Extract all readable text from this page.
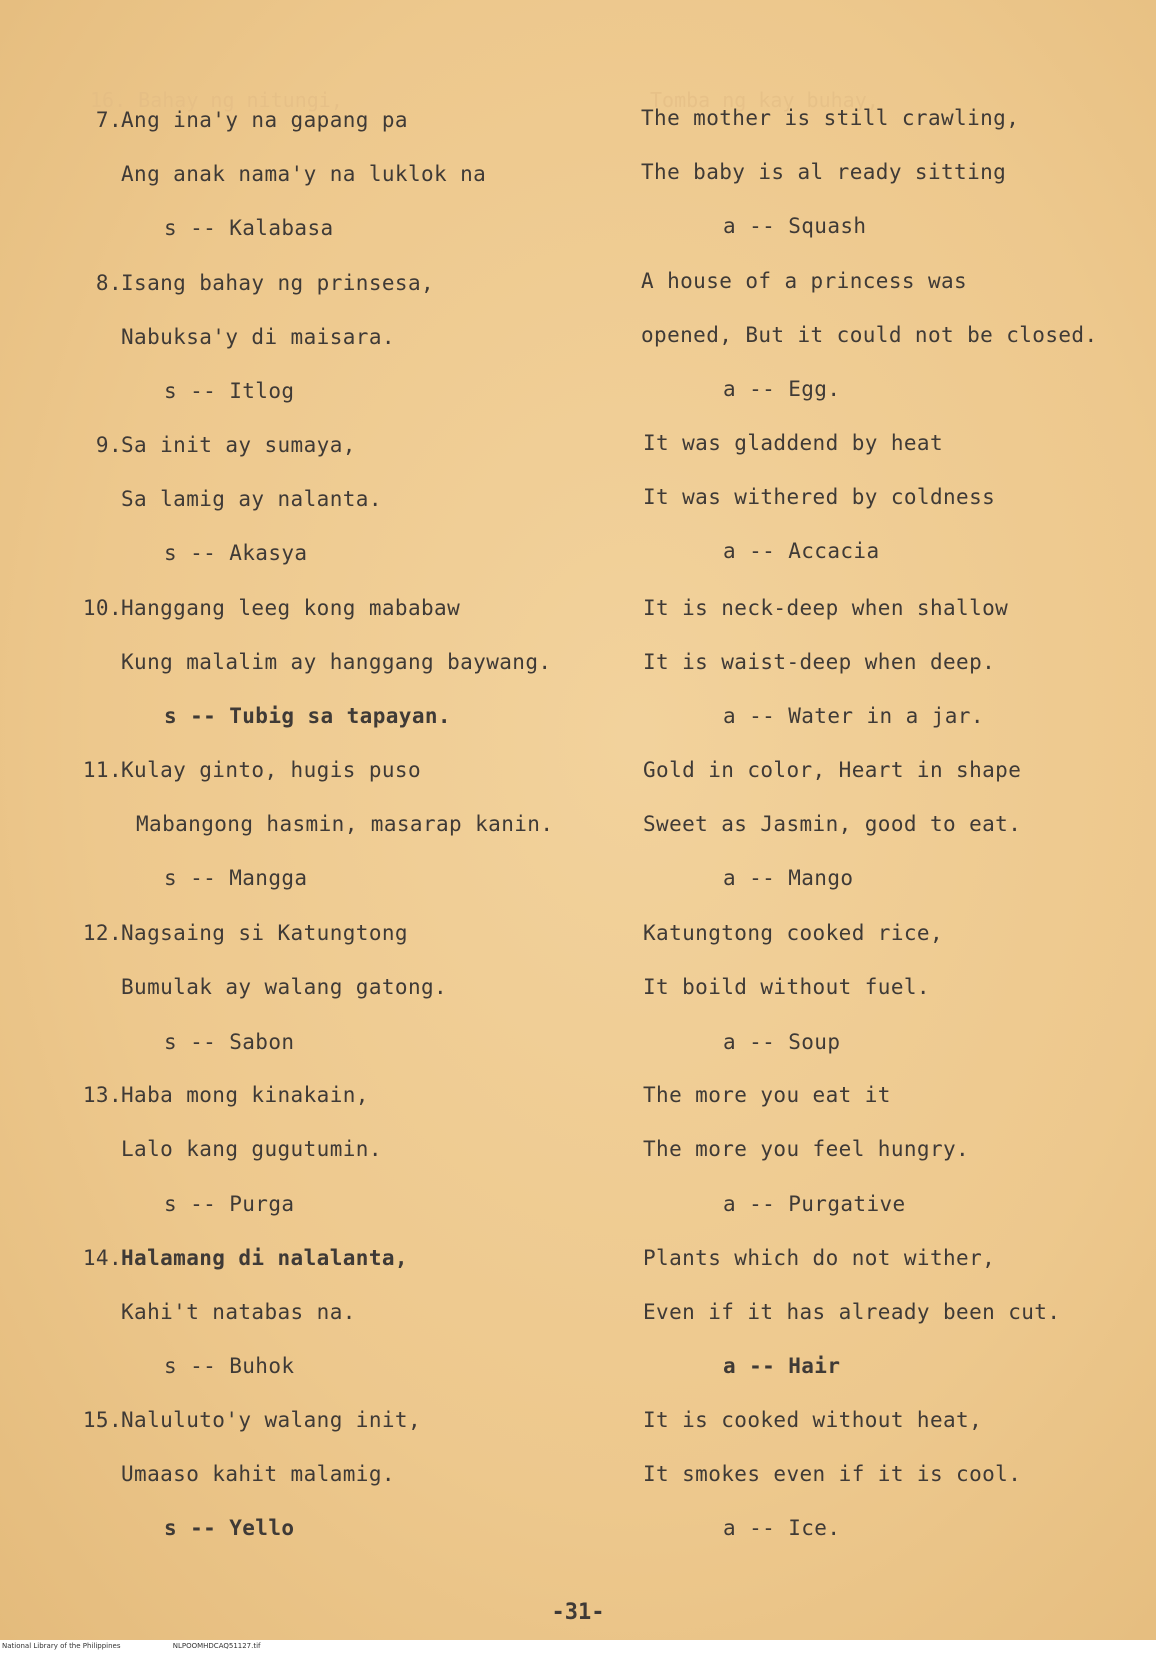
16. Bahay ng nitungi,	Tomba ng kay buhay,
7. Ang ina'y na gapang pa
Ang anak nama'y na luklok na
s -- Kalabasa
The mother is still crawling,
The baby is al ready sitting
a -- Squash
8. Isang bahay ng prinsesa,
Nabuksa'y di maisara.
s -- Itlog
A house of a princess was
opened, But it could not be closed.
a -- Egg.
9. Sa init ay sumaya,
Sa lamig ay nalanta.
s -- Akasya
It was gladdend by heat
It was withered by coldness
a -- Accacia
10. Hanggang leeg kong mababaw
Kung malalim ay hanggang baywang.
s -- Tubig sa tapayan.
It is neck-deep when shallow
It is waist-deep when deep.
a -- Water in a jar.
11. Kulay ginto, hugis puso
Mabangong hasmin, masarap kanin.
s -- Mangga
Gold in color, Heart in shape
Sweet as Jasmin, good to eat.
a -- Mango
12. Nagsaing si Katungtong
Bumulak ay walang gatong.
s -- Sabon
Katungtong cooked rice,
It boild without fuel.
a -- Soup
13. Haba mong kinakain,
Lalo kang gugutumin.
s -- Purga
The more you eat it
The more you feel hungry.
a -- Purgative
14. Halamang di nalalanta,
Kahi't natabas na.
s -- Buhok
Plants which do not wither,
Even if it has already been cut.
a -- Hair
15. Naluluto'y walang init,
Umaaso kahit malamig.
s -- Yello
It is cooked without heat,
It smokes even if it is cool.
a -- Ice.
-31-
National Library of the Philippines	NLPOOMHDCAQ51127.tif
